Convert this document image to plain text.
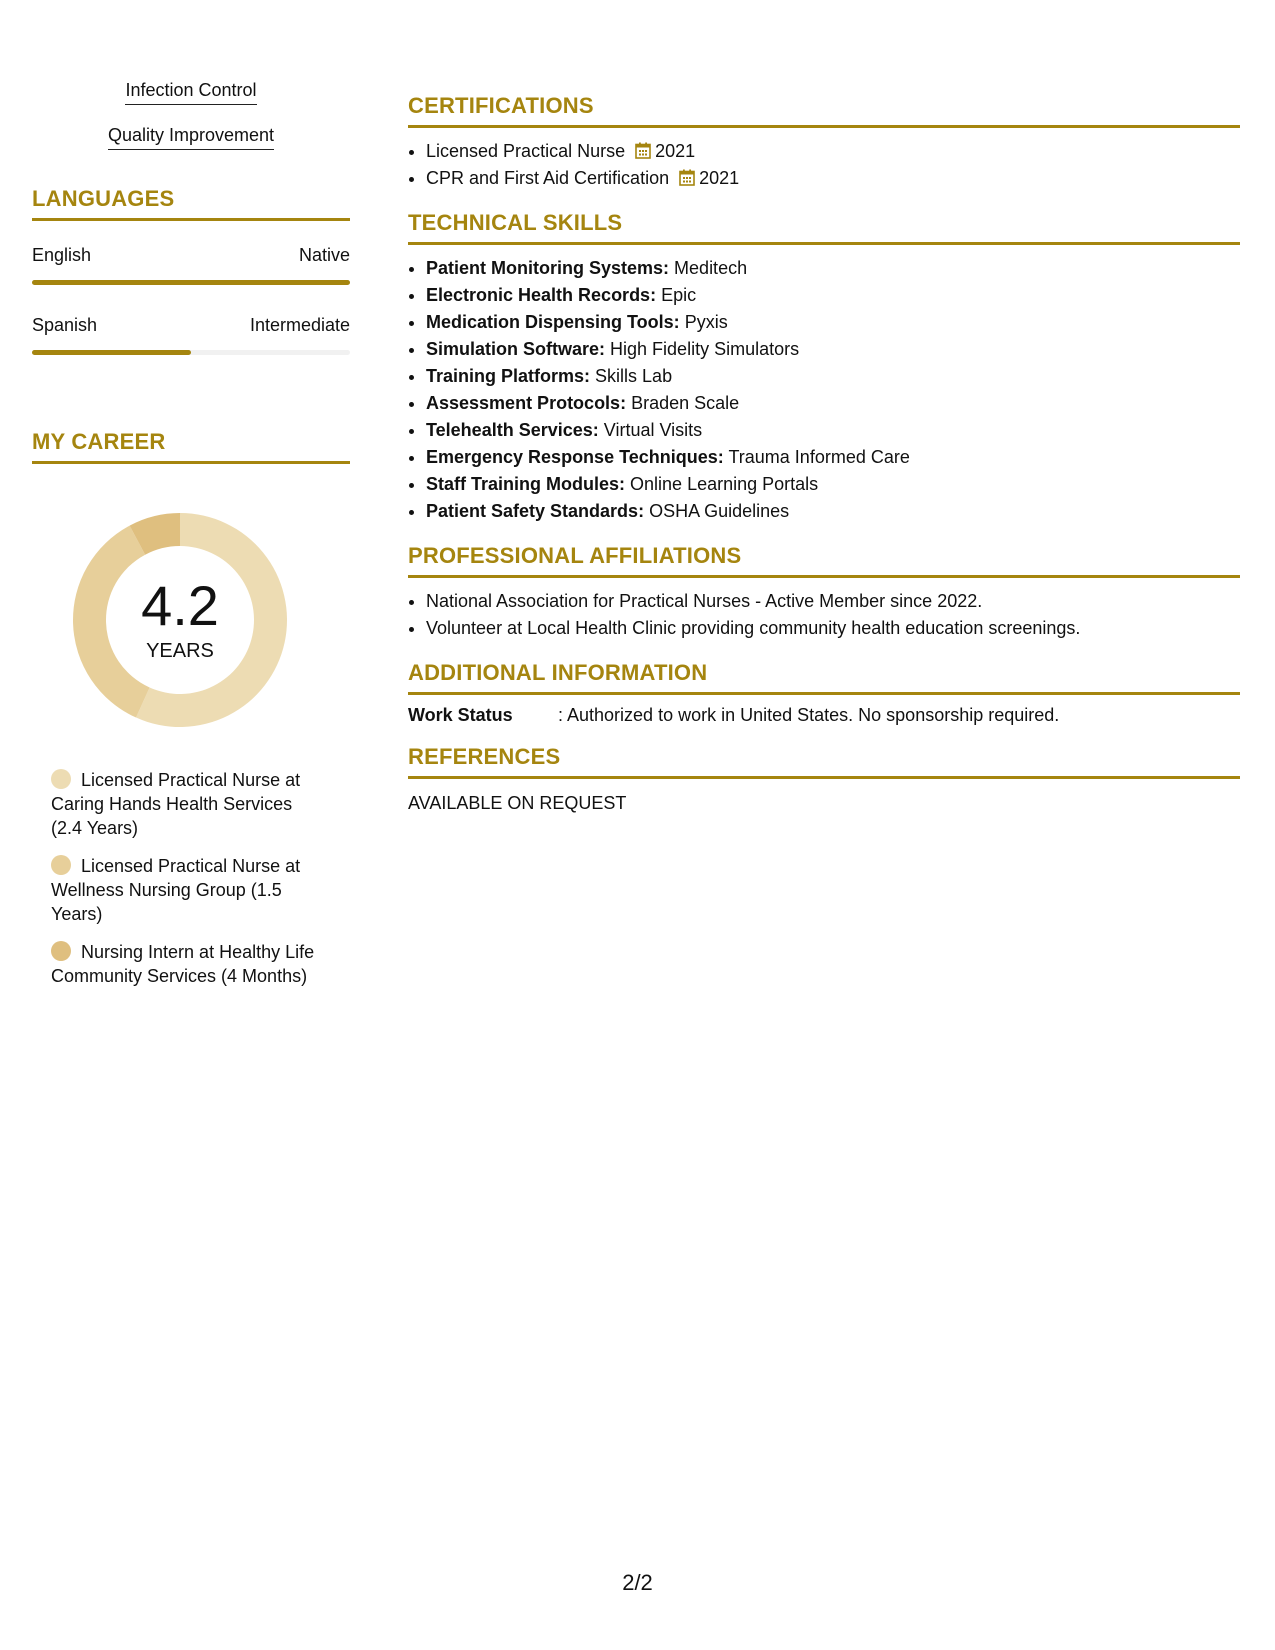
Infection Control
Quality Improvement
LANGUAGES
English	Native
Spanish	Intermediate
MY CAREER
4.2
YEARS
Licensed Practical Nurse at Caring Hands Health Services (2.4 Years)
Licensed Practical Nurse at Wellness Nursing Group (1.5 Years)
Nursing Intern at Healthy Life Community Services (4 Months)
CERTIFICATIONS
• Licensed Practical Nurse 2021
• CPR and First Aid Certification 2021
TECHNICAL SKILLS
• Patient Monitoring Systems: Meditech
• Electronic Health Records: Epic
• Medication Dispensing Tools: Pyxis
• Simulation Software: High Fidelity Simulators
• Training Platforms: Skills Lab
• Assessment Protocols: Braden Scale
• Telehealth Services: Virtual Visits
• Emergency Response Techniques: Trauma Informed Care
• Staff Training Modules: Online Learning Portals
• Patient Safety Standards: OSHA Guidelines
PROFESSIONAL AFFILIATIONS
• National Association for Practical Nurses - Active Member since 2022.
• Volunteer at Local Health Clinic providing community health education screenings.
ADDITIONAL INFORMATION
Work Status	: Authorized to work in United States. No sponsorship required.
REFERENCES
AVAILABLE ON REQUEST
2/2
